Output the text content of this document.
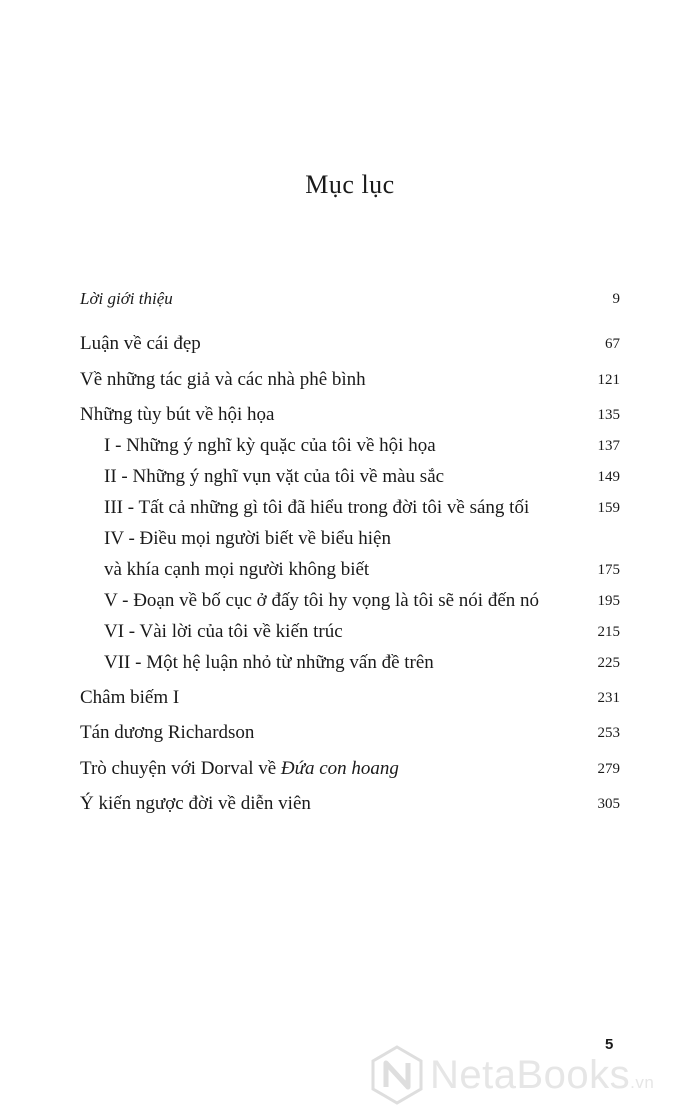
Mục lục
Lời giới thiệu	9
Luận về cái đẹp	67
Về những tác giả và các nhà phê bình	121
Những tùy bút về hội họa	135
I - Những ý nghĩ kỳ quặc của tôi về hội họa	137
II - Những ý nghĩ vụn vặt của tôi về màu sắc	149
III - Tất cả những gì tôi đã hiểu trong đời tôi về sáng tối	159
IV - Điều mọi người biết về biểu hiện
và khía cạnh mọi người không biết	175
V - Đoạn về bố cục ở đấy tôi hy vọng là tôi sẽ nói đến nó	195
VI - Vài lời của tôi về kiến trúc	215
VII - Một hệ luận nhỏ từ những vấn đề trên	225
Châm biếm I	231
Tán dương Richardson	253
Trò chuyện với Dorval về Đứa con hoang	279
Ý kiến ngược đời về diễn viên	305
5
NetaBooks.vn
